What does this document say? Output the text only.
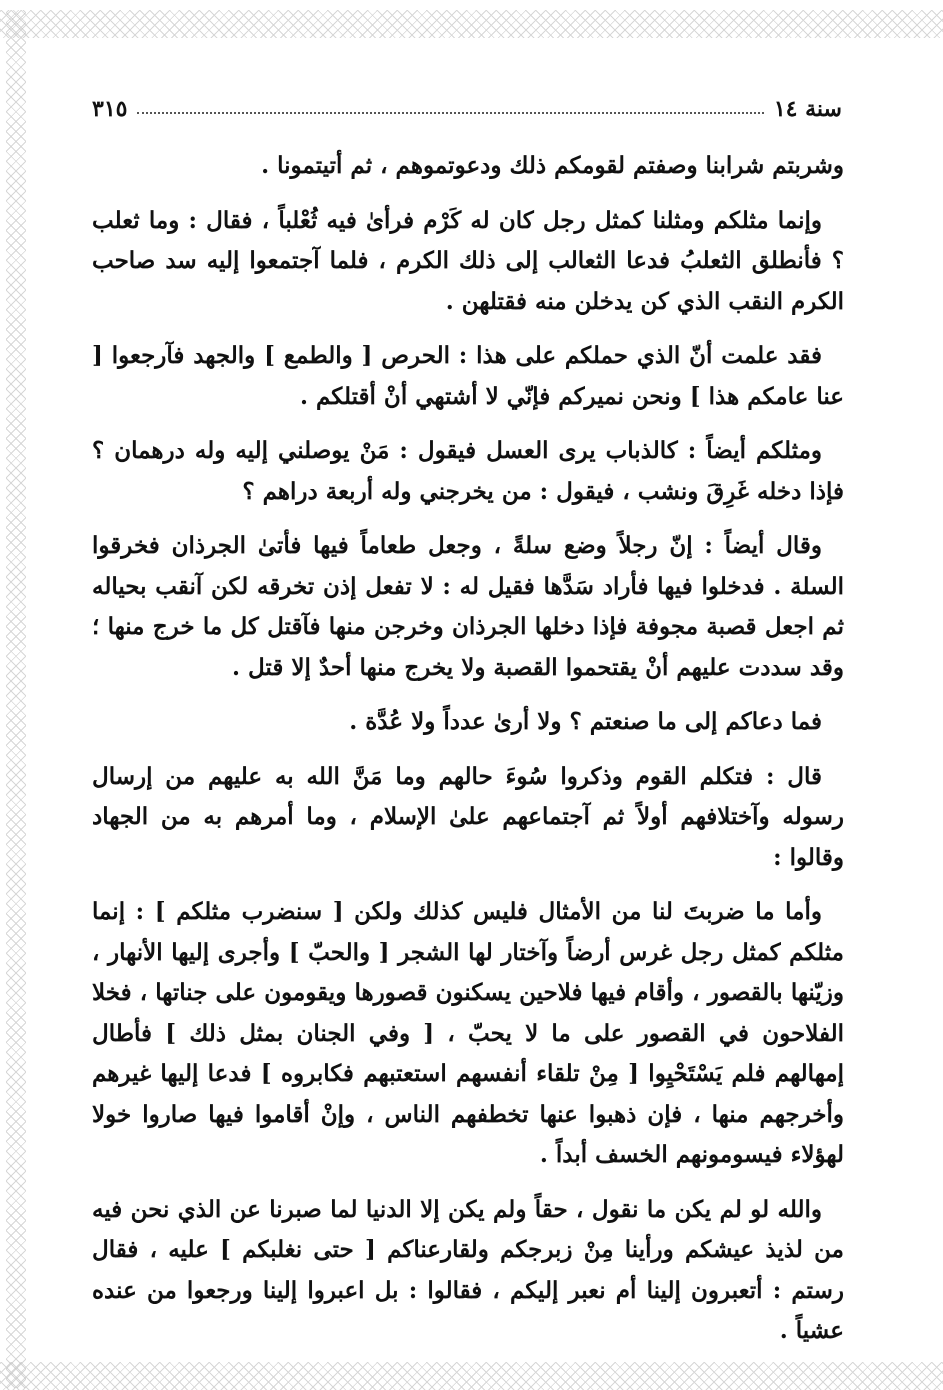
سنة ١٤
٣١٥

وشربتم شرابنا وصفتم لقومكم ذلك ودعوتموهم ، ثم أتيتمونا .

وإنما مثلكم ومثلنا كمثل رجل كان له كَرْم فرأىٰ فيه ثُعْلباً ، فقال : وما ثعلب ؟ فأنطلق الثعلبُ فدعا الثعالب إلى ذلك الكرم ، فلما آجتمعوا إليه سد صاحب الكرم النقب الذي كن يدخلن منه فقتلهن .

فقد علمت أنّ الذي حملكم على هذا : الحرص [ والطمع ] والجهد فآرجعوا [ عنا عامكم هذا ] ونحن نميركم فإنّي لا أشتهي أنْ أقتلكم .

ومثلكم أيضاً : كالذباب يرى العسل فيقول : مَنْ يوصلني إليه وله درهمان ؟ فإذا دخله غَرِقَ ونشب ، فيقول : من يخرجني وله أربعة دراهم ؟

وقال أيضاً : إنّ رجلاً وضع سلةً ، وجعل طعاماً فيها فأتىٰ الجرذان فخرقوا السلة . فدخلوا فيها فأراد سَدَّها فقيل له : لا تفعل إذن تخرقه لكن آنقب بحياله ثم اجعل قصبة مجوفة فإذا دخلها الجرذان وخرجن منها فآقتل كل ما خرج منها ؛ وقد سددت عليهم أنْ يقتحموا القصبة ولا يخرج منها أحدٌ إلا قتل .

فما دعاكم إلى ما صنعتم ؟ ولا أرىٰ عدداً ولا عُدَّة .

قال : فتكلم القوم وذكروا سُوءَ حالهم وما مَنَّ الله به عليهم من إرسال رسوله وآختلافهم أولاً ثم آجتماعهم علىٰ الإسلام ، وما أمرهم به من الجهاد وقالوا :

وأما ما ضربتَ لنا من الأمثال فليس كذلك ولكن [ سنضرب مثلكم ] : إنما مثلكم كمثل رجل غرس أرضاً وآختار لها الشجر [ والحبّ ] وأجرى إليها الأنهار ، وزيّنها بالقصور ، وأقام فيها فلاحين يسكنون قصورها ويقومون على جناتها ، فخلا الفلاحون في القصور على ما لا يحبّ ، [ وفي الجنان بمثل ذلك ] فأطال إمهالهم فلم يَسْتَحْيِوا [ مِنْ تلقاء أنفسهم استعتبهم فكابروه ] فدعا إليها غيرهم وأخرجهم منها ، فإن ذهبوا عنها تخطفهم الناس ، وإنْ أقاموا فيها صاروا خولا لهؤلاء فيسومونهم الخسف أبداً .

والله لو لم يكن ما نقول ، حقاً ولم يكن إلا الدنيا لما صبرنا عن الذي نحن فيه من لذيذ عيشكم ورأينا مِنْ زبرجكم ولقارعناكم [ حتى نغلبكم ] عليه ، فقال رستم : أتعبرون إلينا أم نعبر إليكم ، فقالوا : بل اعبروا إلينا ورجعوا من عنده عشياً .
